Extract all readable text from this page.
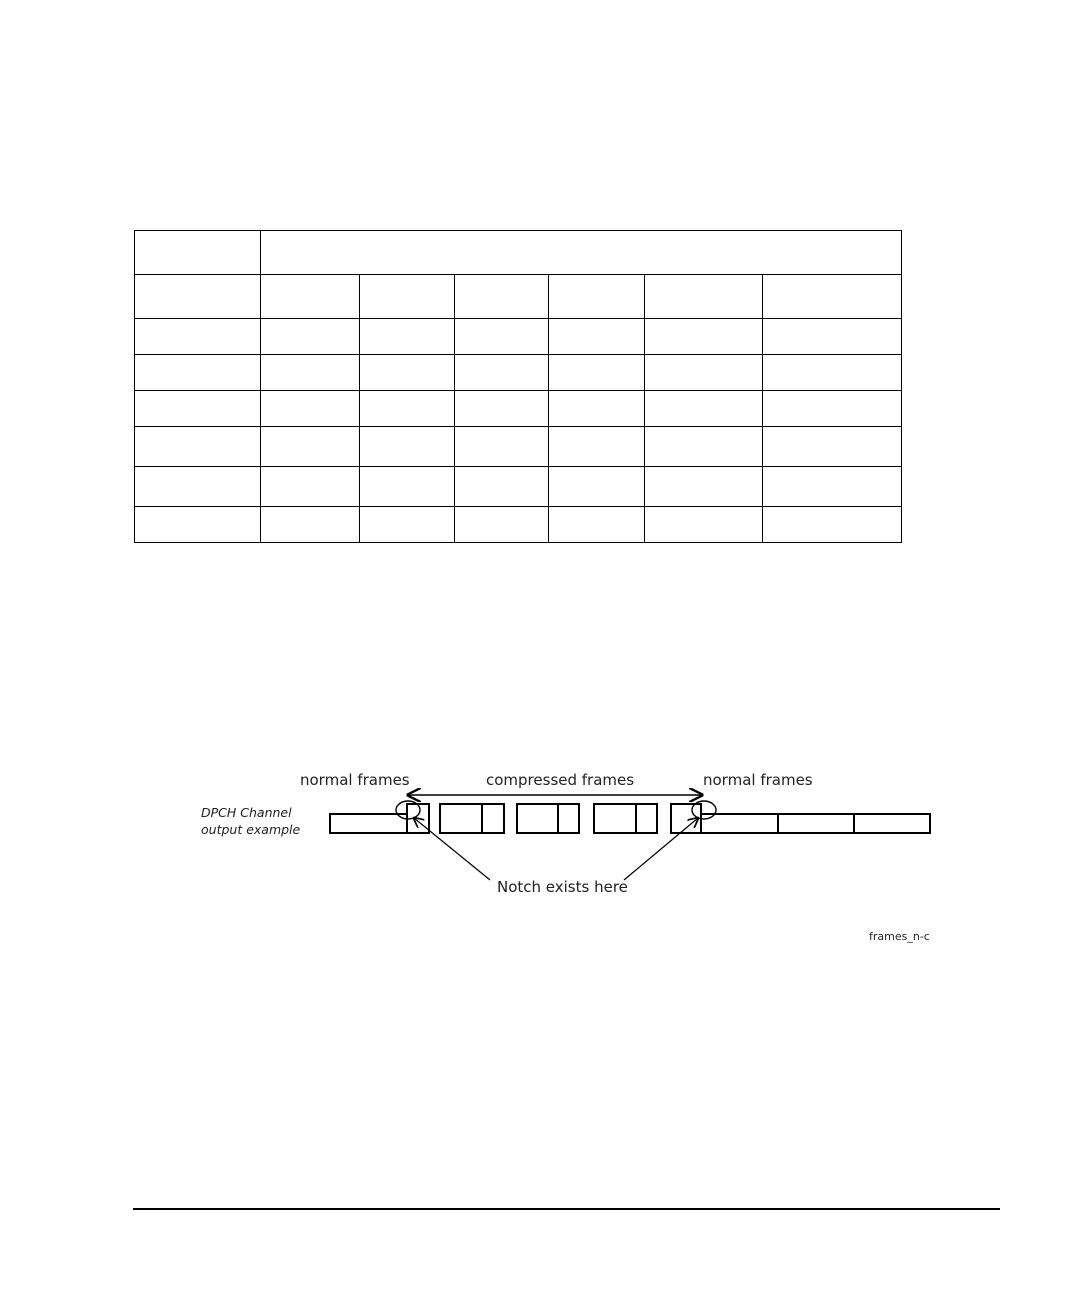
normal frames	compressed frames	normal frames
DPCH Channel
output example
Notch exists here
frames_n-c
